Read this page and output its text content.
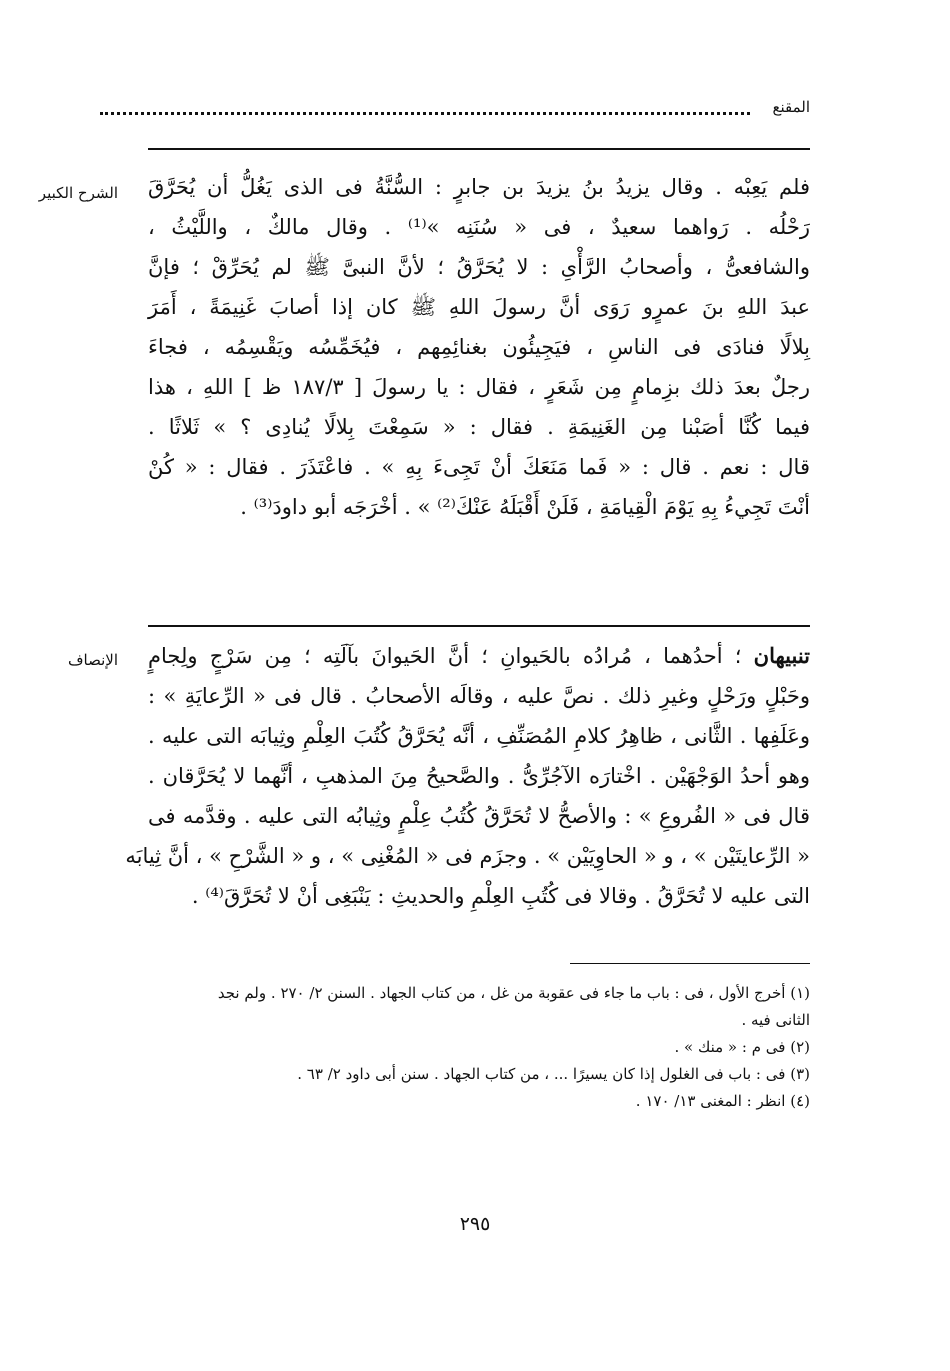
المقنع
الشرح الكبير فلم يَعِبْه . وقال يزيدُ بنُ يزيدَ بن جابرٍ : السُّنَّةُ فى الذى يَغُلُّ أن يُحَرَّقَ

رَحْلُه . رَواهما سعيدٌ ، فى « سُنَنِه »⁽¹⁾ . وقال مالكٌ ، واللَّيْثُ ،

والشافعىُّ ، وأصحابُ الرَّأْىِ : لا يُحَرَّقُ ؛ لأنَّ النبىَّ ﷺ لم يُحَرِّقْ ؛ فإنَّ

عبدَ اللهِ بنَ عمرٍو رَوَى أنَّ رسولَ اللهِ ﷺ كان إذا أصابَ غَنِيمَةً ، أَمَرَ

بِلالًا فنادَى فى الناسِ ، فيَجِيئُون بغنائِمِهم ، فيُخَمِّسُه ويَقْسِمُه ، فجاءَ

رجلٌ بعدَ ذلك بزِمامٍ مِن شَعَرٍ ، فقال : يا رسولَ [ ١٨٧/٣ ظ ] اللهِ ، هذا

فيما كُنَّا أصَبْنا مِن الغَنِيمَةِ . فقال : « سَمِعْتَ بِلالًا يُنادِى ؟ » ثَلاثًا .

قال : نعم . قال : « فَما مَنَعَكَ أنْ تَجِىءَ بِهِ » . فاعْتَذَرَ . فقال : « كُنْ

أنْتَ تَجِيءُ بِهِ يَوْمَ الْقِيامَةِ ، فَلَنْ أَقْبَلَهُ عَنْكَ⁽²⁾ » . أخْرَجَه أبو داودَ⁽³⁾ .

الإنصاف	تنبيهان ؛ أحدُهما ، مُرادُه بالحَيوانِ ؛ أنَّ الحَيوانَ بآلَتِه ؛ مِن سَرْجٍ ولِجامٍ

وحَبْلٍ ورَحْلٍ وغيرِ ذلك . نصَّ عليه ، وقالَه الأصحابُ . قال فى « الرِّعايَةِ » :

وعَلَفِها . الثَّانى ، ظاهِرُ كلامِ المُصَنِّفِ ، أنَّه يُحَرَّقُ كُتُبَ العِلْمِ وثِيابَه التى عليه .

وهو أحدُ الوَجْهَيْن . اخْتارَه الآجُرِّىُّ . والصَّحيحُ مِنَ المذهبِ ، أنَّهما لا يُحَرَّقان .

قال فى « الفُروعِ » : والأصحُّ لا تُحَرَّقُ كُتُبُ عِلْمٍ وثِيابُه التى عليه . وقدَّمه فى

« الرِّعايتَيْن » ، و « الحاوِيَيْن » . وجزَم فى « المُغْنِى » ، و « الشَّرْحِ » ، أنَّ ثِيابَه

التى عليه لا تُحَرَّقُ . وقالا فى كُتُبِ العِلْمِ والحديثِ : يَنْبَغِى أنْ لا تُحَرَّقَ⁽⁴⁾ .

(١) أخرج الأول ، فى : باب ما جاء فى عقوبة من غل ، من كتاب الجهاد . السنن ٢/ ٢٧٠ . ولم نجد

الثانى فيه .

(٢) فى م : « منك » .

(٣) فى : باب فى الغلول إذا كان يسيرًا ... ، من كتاب الجهاد . سنن أبى داود ٢/ ٦٣ .

(٤) انظر : المغنى ١٣/ ١٧٠ .

٢٩٥
